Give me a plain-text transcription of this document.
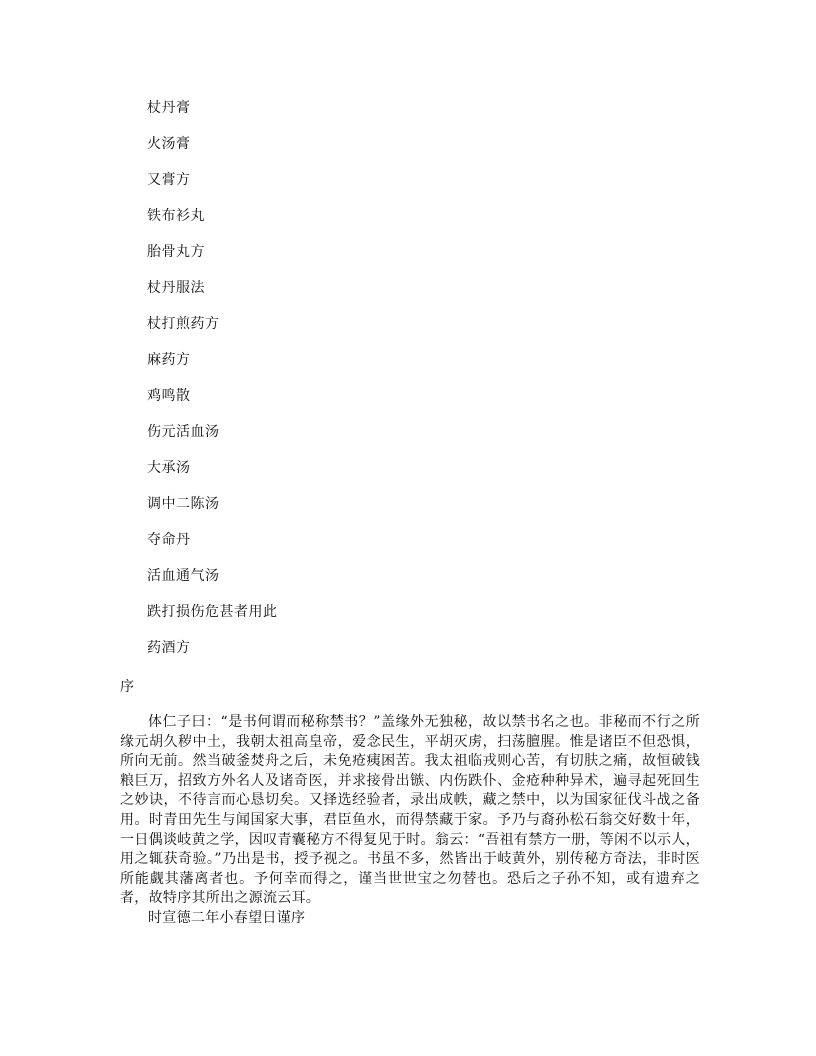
杖丹膏
火汤膏
又膏方
铁布衫丸
胎骨丸方
杖丹服法
杖打煎药方
麻药方
鸡鸣散
伤元活血汤
大承汤
调中二陈汤
夺命丹
活血通气汤
跌打损伤危甚者用此
药酒方
序

体仁子曰：“是书何谓而秘称禁书？”盖缘外无独秘，故以禁书名之也。非秘而不行之所缘元胡久秽中土，我朝太祖高皇帝，爱念民生，平胡灭虏，扫荡膻腥。惟是诸臣不但恐惧，所向无前。然当破釜焚舟之后，未免疮痍困苦。我太祖临戎则心苦，有切肤之痛，故恒破钱粮巨万，招致方外名人及诸奇医，并求接骨出镞、内伤跌仆、金疮种种异术，遍寻起死回生之妙诀，不待言而心恳切矣。又择选经验者，录出成帙，藏之禁中，以为国家征伐斗战之备用。时青田先生与闻国家大事，君臣鱼水，而得禁藏于家。予乃与裔孙松石翁交好数十年，一日偶谈岐黄之学，因叹青囊秘方不得复见于时。翁云：“吾祖有禁方一册，等闲不以示人，用之辄获奇验。”乃出是书，授予视之。书虽不多，然皆出于岐黄外，别传秘方奇法，非时医所能觑其藩离者也。予何幸而得之，谨当世世宝之勿替也。恐后之子孙不知，或有遗弃之者，故特序其所出之源流云耳。

时宣德二年小春望日谨序
